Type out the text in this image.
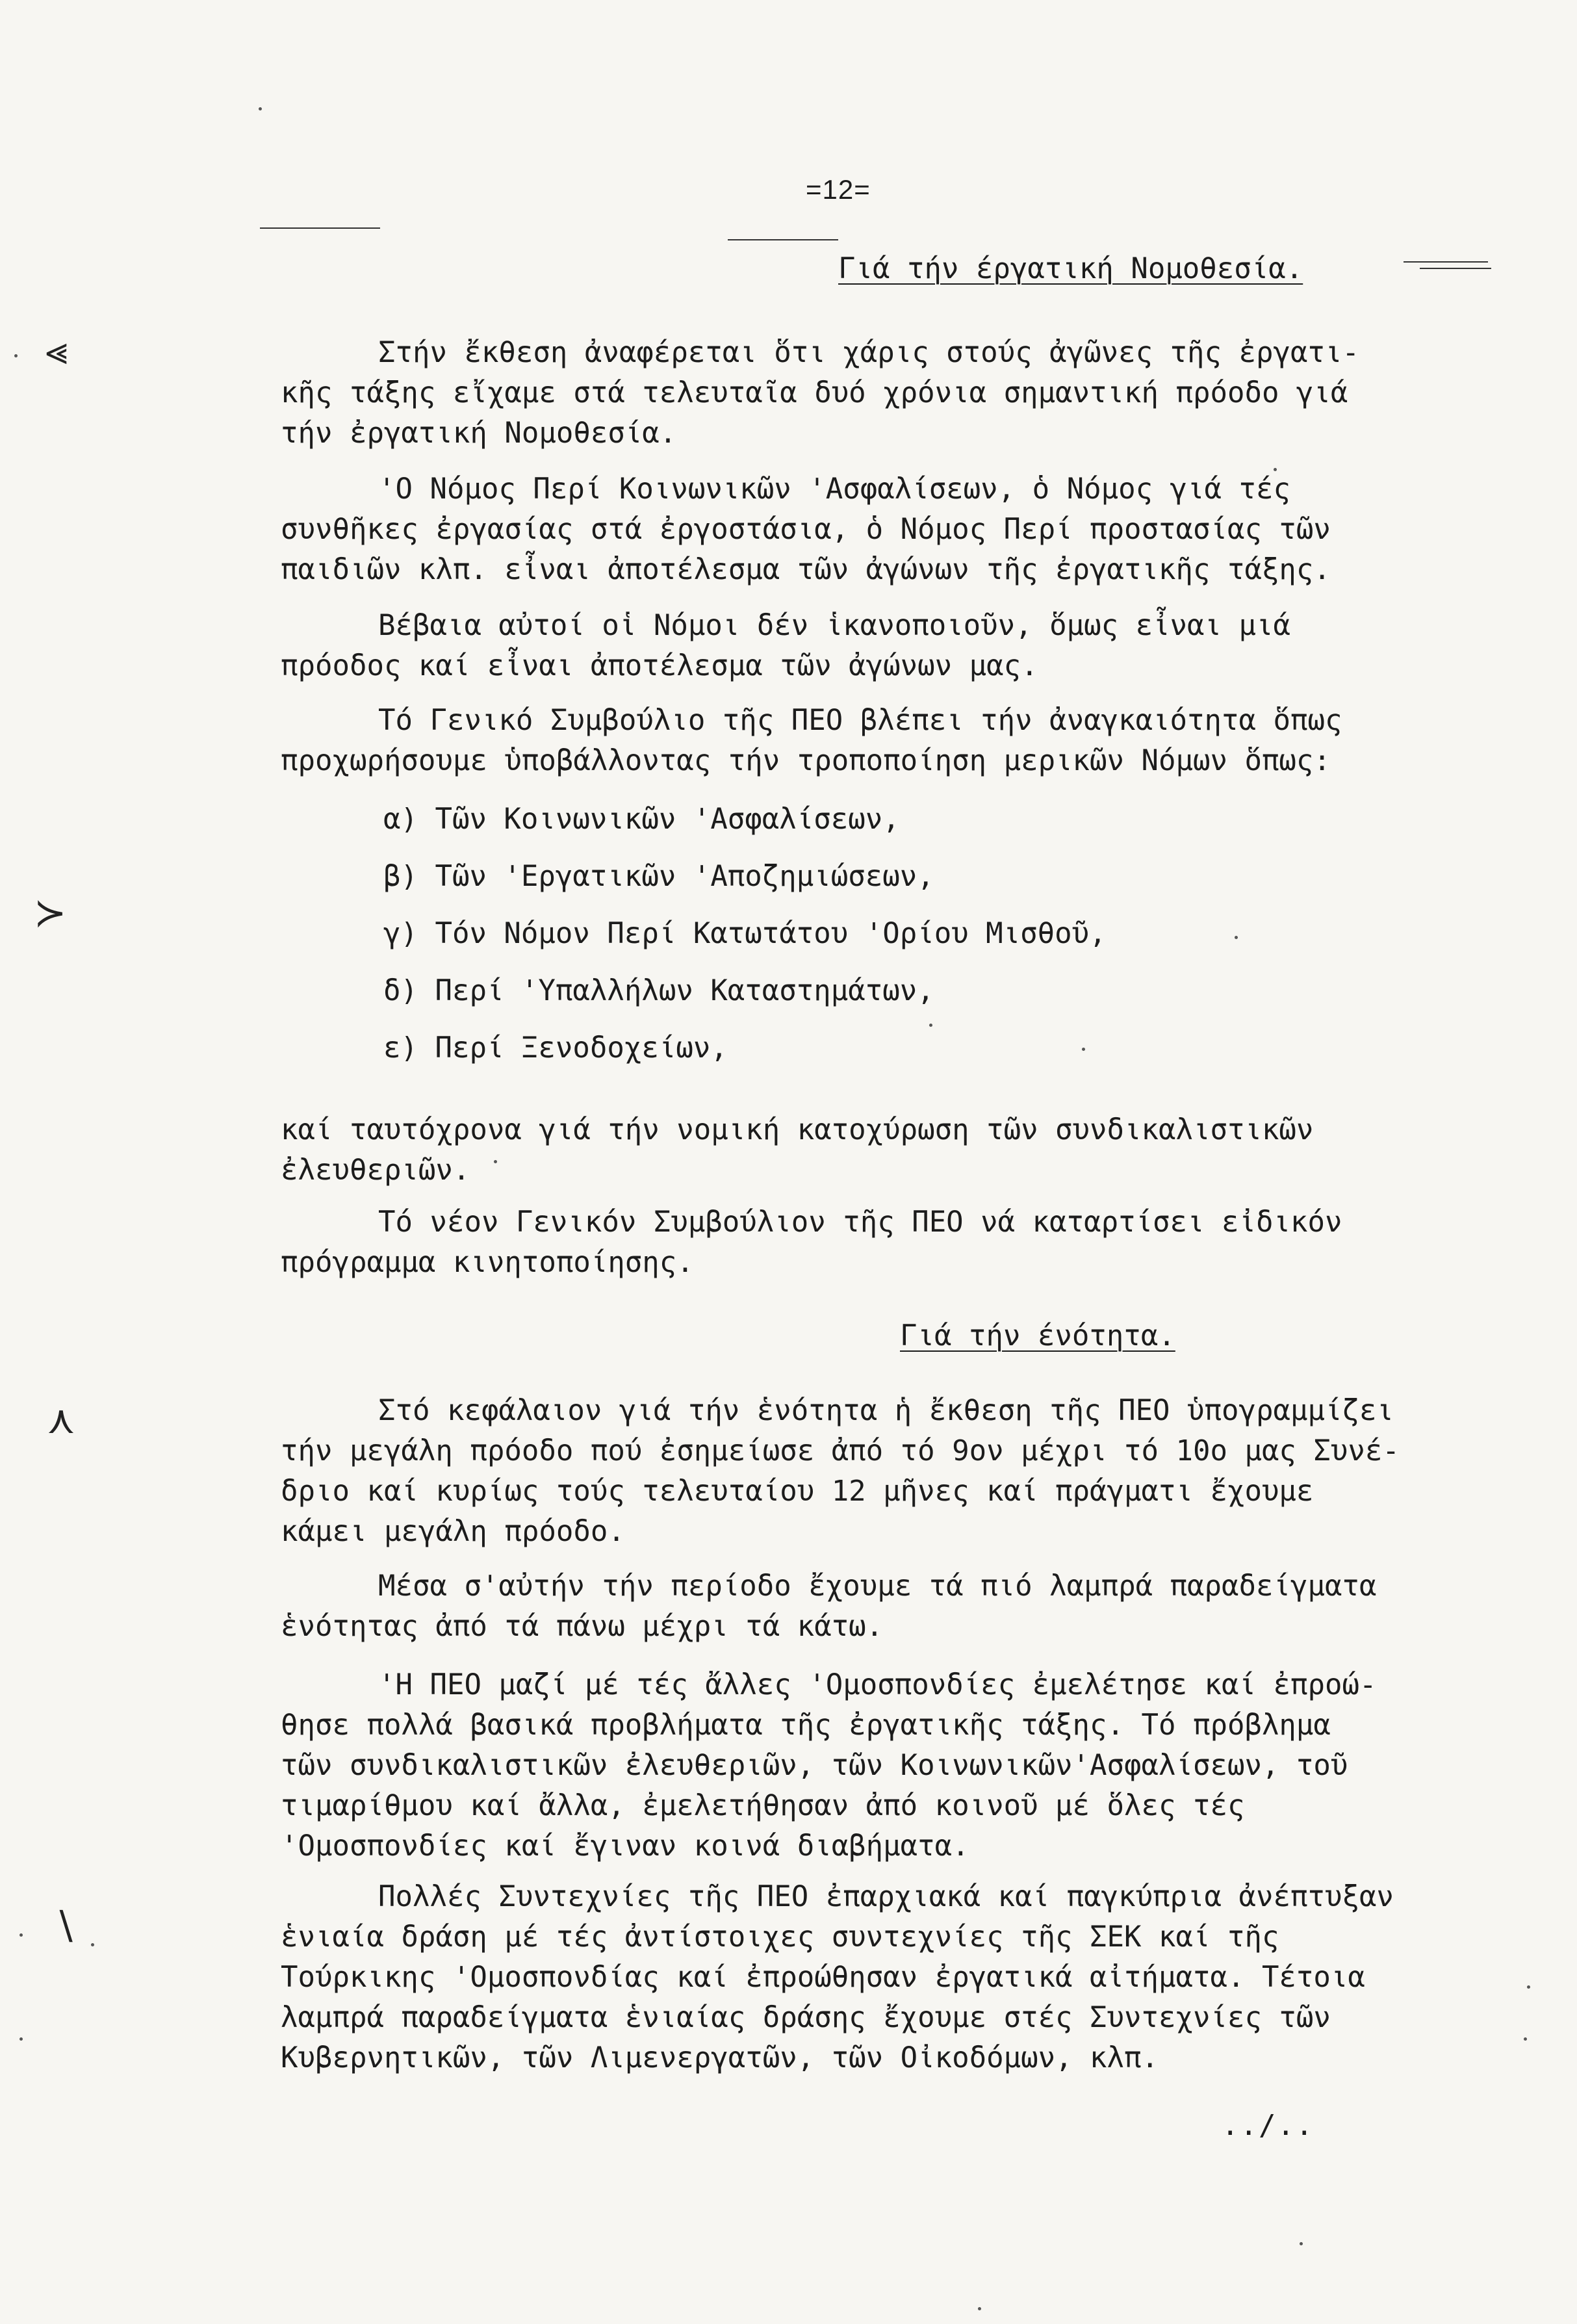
=12=
Γιά τήν έργατική Νομοθεσία.
Στήν ἔκθεση ἀναφέρεται ὅτι χάρις στούς ἀγῶνες τῆς ἐργατι-
κῆς τάξης εἴχαμε στά τελευταῖα δυό χρόνια σημαντική πρόοδο γιά
τήν ἐργατική Νομοθεσία.
'Ο Νόμος Περί Κοινωνικῶν 'Ασφαλίσεων, ὁ Νόμος γιά τές
συνθῆκες ἐργασίας στά ἐργοστάσια, ὁ Νόμος Περί προστασίας τῶν
παιδιῶν κλπ. εἶναι ἀποτέλεσμα τῶν ἀγώνων τῆς ἐργατικῆς τάξης.
Βέβαια αὐτοί οἱ Νόμοι δέν ἱκανοποιοῦν, ὅμως εἶναι μιά
πρόοδος καί εἶναι ἀποτέλεσμα τῶν ἀγώνων μας.
Τό Γενικό Συμβούλιο τῆς ΠΕΟ βλέπει τήν ἀναγκαιότητα ὅπως
προχωρήσουμε ὑποβάλλοντας τήν τροποποίηση μερικῶν Νόμων ὅπως:
α) Τῶν Κοινωνικῶν 'Ασφαλίσεων,
β) Τῶν 'Εργατικῶν 'Αποζημιώσεων,
γ) Τόν Νόμον Περί Κατωτάτου 'Ορίου Μισθοῦ,
δ) Περί 'Υπαλλήλων Καταστημάτων,
ε) Περί Ξενοδοχείων,
καί ταυτόχρονα γιά τήν νομική κατοχύρωση τῶν συνδικαλιστικῶν
ἐλευθεριῶν.
Τό νέον Γενικόν Συμβούλιον τῆς ΠΕΟ νά καταρτίσει εἰδικόν
πρόγραμμα κινητοποίησης.
Γιά τήν ένότητα.
Στό κεφάλαιον γιά τήν ἑνότητα ἡ ἔκθεση τῆς ΠΕΟ ὑπογραμμίζει
τήν μεγάλη πρόοδο πού ἐσημείωσε ἀπό τό 9ον μέχρι τό 10ο μας Συνέ-
δριο καί κυρίως τούς τελευταίου 12 μῆνες καί πράγματι ἔχουμε
κάμει μεγάλη πρόοδο.
Μέσα σ'αὐτήν τήν περίοδο ἔχουμε τά πιό λαμπρά παραδείγματα
ἑνότητας ἀπό τά πάνω μέχρι τά κάτω.
'Η ΠΕΟ μαζί μέ τές ἄλλες 'Ομοσπονδίες ἐμελέτησε καί ἐπροώ-
θησε πολλά βασικά προβλήματα τῆς ἐργατικῆς τάξης. Τό πρόβλημα
τῶν συνδικαλιστικῶν ἐλευθεριῶν, τῶν Κοινωνικῶν'Ασφαλίσεων, τοῦ
τιμαρίθμου καί ἄλλα, ἐμελετήθησαν ἀπό κοινοῦ μέ ὅλες τές
'Ομοσπονδίες καί ἔγιναν κοινά διαβήματα.
Πολλές Συντεχνίες τῆς ΠΕΟ ἐπαρχιακά καί παγκύπρια ἀνέπτυξαν
ἑνιαία δράση μέ τές ἀντίστοιχες συντεχνίες τῆς ΣΕΚ καί τῆς
Τούρκικης 'Ομοσπονδίας καί ἐπροώθησαν ἐργατικά αἰτήματα. Τέτοια
λαμπρά παραδείγματα ἑνιαίας δράσης ἔχουμε στές Συντεχνίες τῶν
Κυβερνητικῶν, τῶν Λιμενεργατῶν, τῶν Οἰκοδόμων, κλπ.
../..
⪡
≻
⋏
∖
